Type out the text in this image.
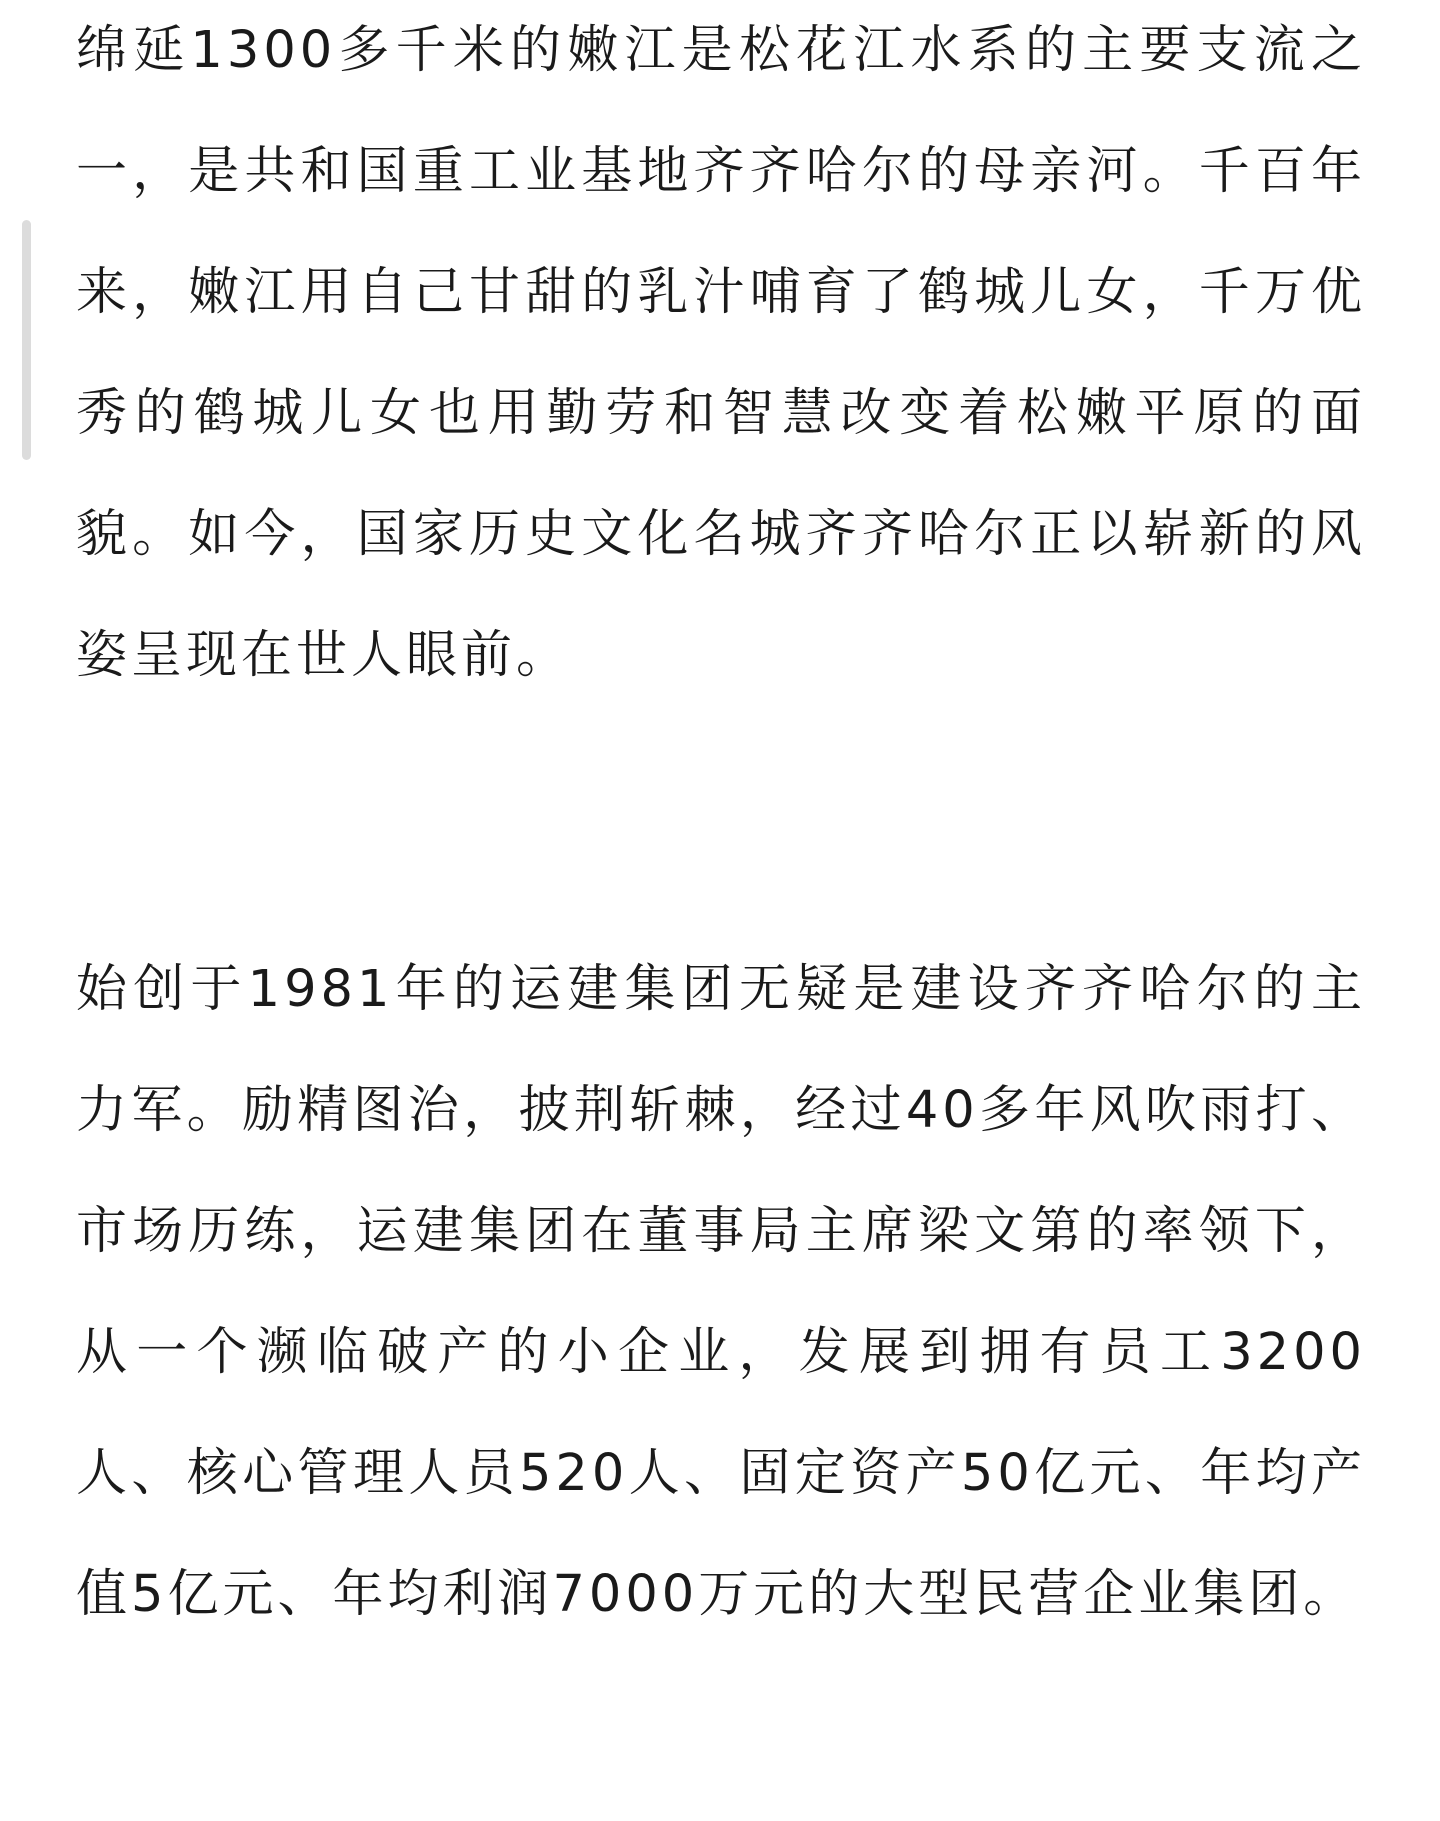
绵延1300多千米的嫩江是松花江水系的主要支流之一，是共和国重工业基地齐齐哈尔的母亲河。千百年来，嫩江用自己甘甜的乳汁哺育了鹤城儿女，千万优秀的鹤城儿女也用勤劳和智慧改变着松嫩平原的面貌。如今，国家历史文化名城齐齐哈尔正以崭新的风姿呈现在世人眼前。

始创于1981年的运建集团无疑是建设齐齐哈尔的主力军。励精图治，披荆斩棘，经过40多年风吹雨打、市场历练，运建集团在董事局主席梁文第的率领下，从一个濒临破产的小企业，发展到拥有员工3200人、核心管理人员520人、固定资产50亿元、年均产值5亿元、年均利润7000万元的大型民营企业集团。
